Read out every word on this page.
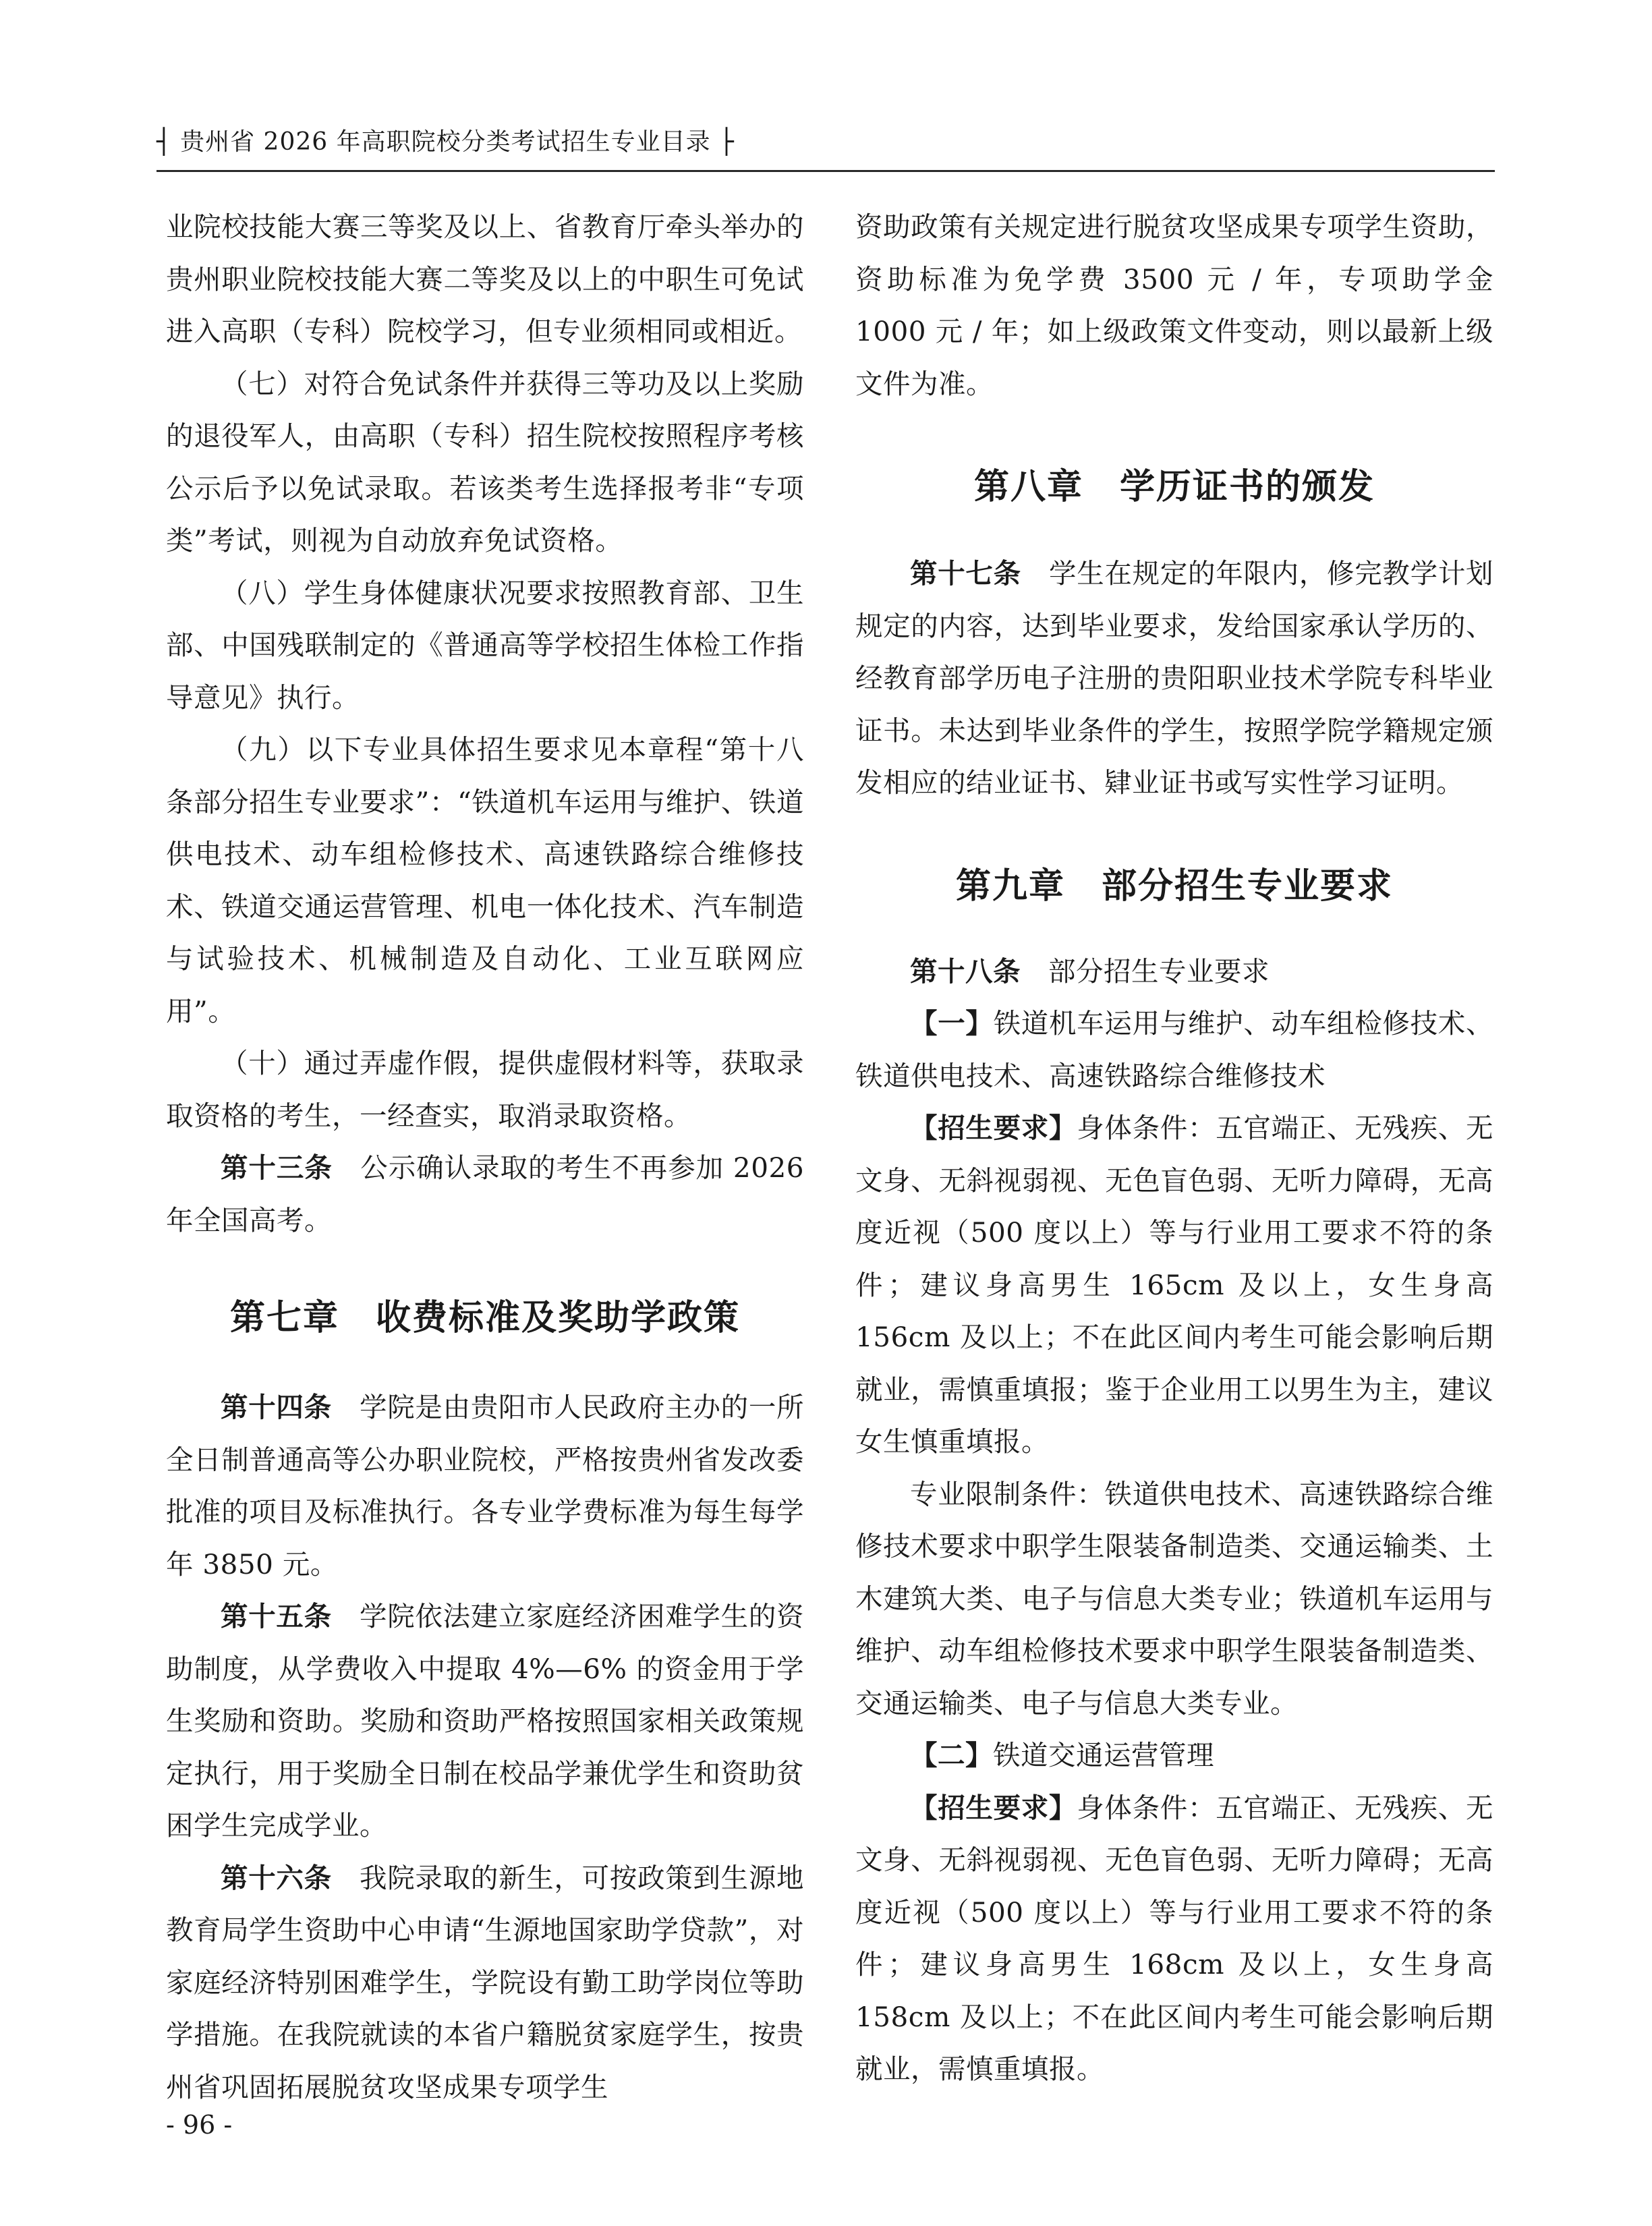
┤ 贵州省 2026 年高职院校分类考试招生专业目录 ├

业院校技能大赛三等奖及以上、省教育厅牵头举办的贵州职业院校技能大赛二等奖及以上的中职生可免试进入高职（专科）院校学习，但专业须相同或相近。

（七）对符合免试条件并获得三等功及以上奖励的退役军人，由高职（专科）招生院校按照程序考核公示后予以免试录取。若该类考生选择报考非“专项类”考试，则视为自动放弃免试资格。

（八）学生身体健康状况要求按照教育部、卫生部、中国残联制定的《普通高等学校招生体检工作指导意见》执行。

（九）以下专业具体招生要求见本章程“第十八条部分招生专业要求”：“铁道机车运用与维护、铁道供电技术、动车组检修技术、高速铁路综合维修技术、铁道交通运营管理、机电一体化技术、汽车制造与试验技术、机械制造及自动化、工业互联网应用”。

（十）通过弄虚作假，提供虚假材料等，获取录取资格的考生，一经查实，取消录取资格。

第十三条　 公示确认录取的考生不再参加 2026 年全国高考。

第七章　收费标准及奖助学政策

第十四条　 学院是由贵阳市人民政府主办的一所全日制普通高等公办职业院校，严格按贵州省发改委批准的项目及标准执行。各专业学费标准为每生每学年 3850 元。

第十五条　 学院依法建立家庭经济困难学生的资助制度，从学费收入中提取 4%—6% 的资金用于学生奖励和资助。奖励和资助严格按照国家相关政策规定执行，用于奖励全日制在校品学兼优学生和资助贫困学生完成学业。

第十六条　 我院录取的新生，可按政策到生源地教育局学生资助中心申请“生源地国家助学贷款”，对家庭经济特别困难学生，学院设有勤工助学岗位等助学措施。在我院就读的本省户籍脱贫家庭学生，按贵州省巩固拓展脱贫攻坚成果专项学生

资助政策有关规定进行脱贫攻坚成果专项学生资助，资助标准为免学费 3500 元 / 年，专项助学金 1000 元 / 年；如上级政策文件变动，则以最新上级文件为准。

第八章　学历证书的颁发

第十七条　 学生在规定的年限内，修完教学计划规定的内容，达到毕业要求，发给国家承认学历的、经教育部学历电子注册的贵阳职业技术学院专科毕业证书。未达到毕业条件的学生，按照学院学籍规定颁发相应的结业证书、肄业证书或写实性学习证明。

第九章　部分招生专业要求

第十八条　 部分招生专业要求

【一】铁道机车运用与维护、动车组检修技术、铁道供电技术、高速铁路综合维修技术

【招生要求】身体条件：五官端正、无残疾、无文身、无斜视弱视、无色盲色弱、无听力障碍，无高度近视（500 度以上）等与行业用工要求不符的条件；建议身高男生 165cm 及以上，女生身高 156cm 及以上；不在此区间内考生可能会影响后期就业，需慎重填报；鉴于企业用工以男生为主，建议女生慎重填报。

专业限制条件：铁道供电技术、高速铁路综合维修技术要求中职学生限装备制造类、交通运输类、土木建筑大类、电子与信息大类专业；铁道机车运用与维护、动车组检修技术要求中职学生限装备制造类、交通运输类、电子与信息大类专业。

【二】铁道交通运营管理

【招生要求】身体条件：五官端正、无残疾、无文身、无斜视弱视、无色盲色弱、无听力障碍；无高度近视（500 度以上）等与行业用工要求不符的条件；建议身高男生 168cm 及以上，女生身高 158cm 及以上；不在此区间内考生可能会影响后期就业，需慎重填报。

- 96 -
